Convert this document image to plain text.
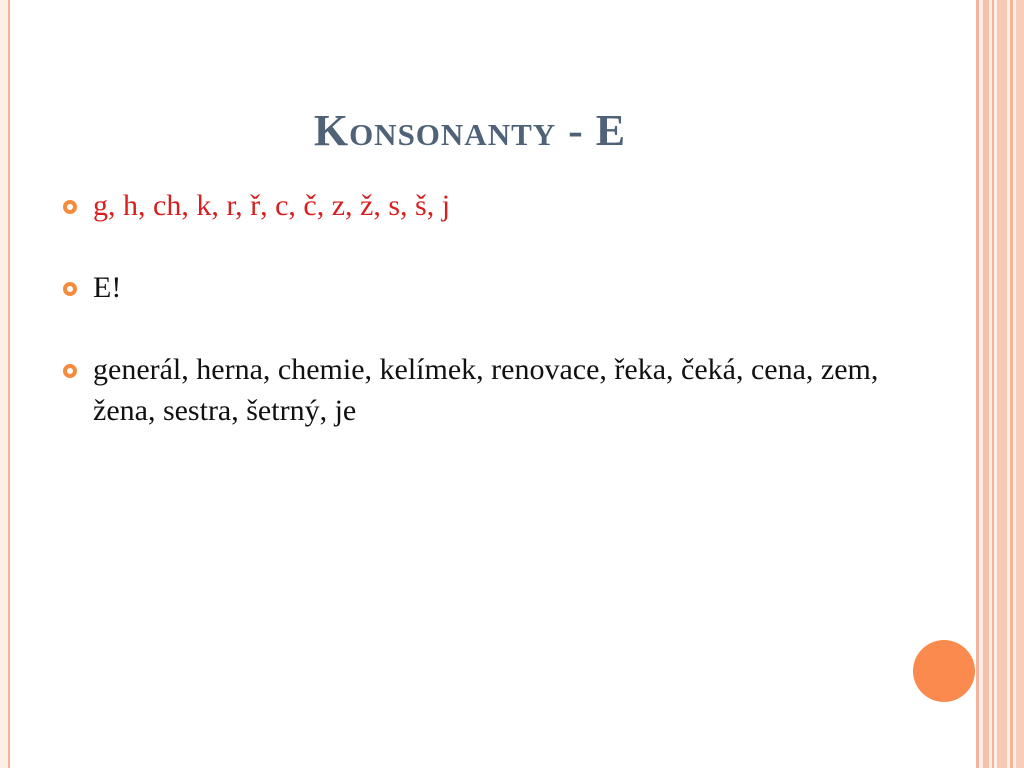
Konsonanty - E
g, h, ch, k, r, ř, c, č, z, ž, s, š, j
E!
generál, herna, chemie, kelímek, renovace, řeka, čeká, cena, zem, žena, sestra, šetrný, je
